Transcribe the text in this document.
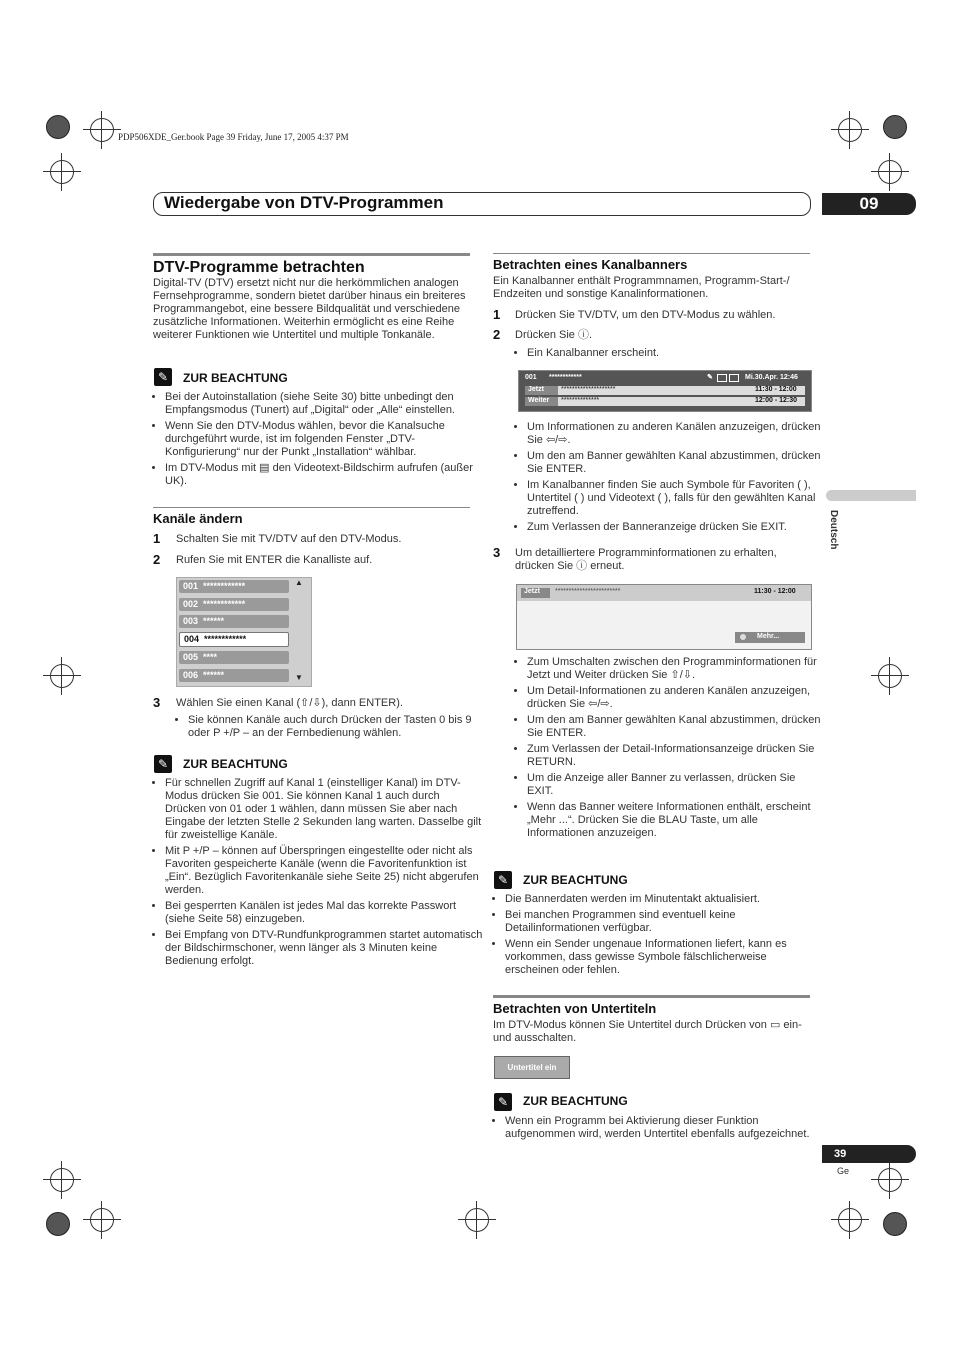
PDP506XDE_Ger.book Page 39 Friday, June 17, 2005 4:37 PM
Wiedergabe von DTV-Programmen	09
Deutsch
DTV-Programme betrachten
Digital-TV (DTV) ersetzt nicht nur die herkömmlichen analogen Fernsehprogramme, sondern bietet darüber hinaus ein breiteres Programmangebot, eine bessere Bildqualität und verschiedene zusätzliche Informationen. Weiterhin ermöglicht es eine Reihe weiterer Funktionen wie Untertitel und multiple Tonkanäle.
✎	ZUR BEACHTUNG
• Bei der Autoinstallation (siehe Seite 30) bitte unbedingt den Empfangsmodus (Tunert) auf „Digital“ oder „Alle“ einstellen.
• Wenn Sie den DTV-Modus wählen, bevor die Kanalsuche durchgeführt wurde, ist im folgenden Fenster „DTV-Konfigurierung“ nur der Punkt „Installation“ wählbar.
• Im DTV-Modus mit ▤ den Videotext-Bildschirm aufrufen (außer UK).
Kanäle ändern
1 Schalten Sie mit TV/DTV auf den DTV-Modus.
2 Rufen Sie mit ENTER die Kanalliste auf.
001 ************
002 ************
003 ******
004 ************
005 ****
006 ******
▲
▼
3 Wählen Sie einen Kanal (⇧/⇩), dann ENTER).
• Sie können Kanäle auch durch Drücken der Tasten 0 bis 9 oder P +/P – an der Fernbedienung wählen.
✎	ZUR BEACHTUNG
• Für schnellen Zugriff auf Kanal 1 (einstelliger Kanal) im DTV-Modus drücken Sie 001. Sie können Kanal 1 auch durch Drücken von 01 oder 1 wählen, dann müssen Sie aber nach Eingabe der letzten Stelle 2 Sekunden lang warten. Dasselbe gilt für zweistellige Kanäle.
• Mit P +/P – können auf Überspringen eingestellte oder nicht als Favoriten gespeicherte Kanäle (wenn die Favoritenfunktion ist „Ein“. Bezüglich Favoritenkanäle siehe Seite 25) nicht abgerufen werden.
• Bei gesperrten Kanälen ist jedes Mal das korrekte Passwort (siehe Seite 58) einzugeben.
• Bei Empfang von DTV-Rundfunkprogrammen startet automatisch der Bildschirmschoner, wenn länger als 3 Minuten keine Bedienung erfolgt.
Betrachten eines Kanalbanners
Ein Kanalbanner enthält Programmnamen, Programm-Start-/ Endzeiten und sonstige Kanalinformationen.
1 Drücken Sie TV/DTV, um den DTV-Modus zu wählen.
2 Drücken Sie ⓘ.
• Ein Kanalbanner erscheint.
001 ************	✎	Mi.30.Apr. 12:46
Jetzt	********************	11:30 - 12:00
Weiter	**************	12:00 - 12:30
• Um Informationen zu anderen Kanälen anzuzeigen, drücken Sie ⇦/⇨.
• Um den am Banner gewählten Kanal abzustimmen, drücken Sie ENTER.
• Im Kanalbanner finden Sie auch Symbole für Favoriten ( ), Untertitel ( ) und Videotext ( ), falls für den gewählten Kanal zutreffend.
• Zum Verlassen der Banneranzeige drücken Sie EXIT.
3 Um detailliertere Programminformationen zu erhalten, drücken Sie ⓘ erneut.
Jetzt	************************	11:30 - 12:00
Mehr...
• Zum Umschalten zwischen den Programminformationen für Jetzt und Weiter drücken Sie ⇧/⇩.
• Um Detail-Informationen zu anderen Kanälen anzuzeigen, drücken Sie ⇦/⇨.
• Um den am Banner gewählten Kanal abzustimmen, drücken Sie ENTER.
• Zum Verlassen der Detail-Informationsanzeige drücken Sie RETURN.
• Um die Anzeige aller Banner zu verlassen, drücken Sie EXIT.
• Wenn das Banner weitere Informationen enthält, erscheint „Mehr ...“. Drücken Sie die BLAU Taste, um alle Informationen anzuzeigen.
✎	ZUR BEACHTUNG
• Die Bannerdaten werden im Minutentakt aktualisiert.
• Bei manchen Programmen sind eventuell keine Detailinformationen verfügbar.
• Wenn ein Sender ungenaue Informationen liefert, kann es vorkommen, dass gewisse Symbole fälschlicherweise erscheinen oder fehlen.
Betrachten von Untertiteln
Im DTV-Modus können Sie Untertitel durch Drücken von ▭ ein- und ausschalten.
Untertitel ein
✎	ZUR BEACHTUNG
• Wenn ein Programm bei Aktivierung dieser Funktion aufgenommen wird, werden Untertitel ebenfalls aufgezeichnet.
39
Ge
